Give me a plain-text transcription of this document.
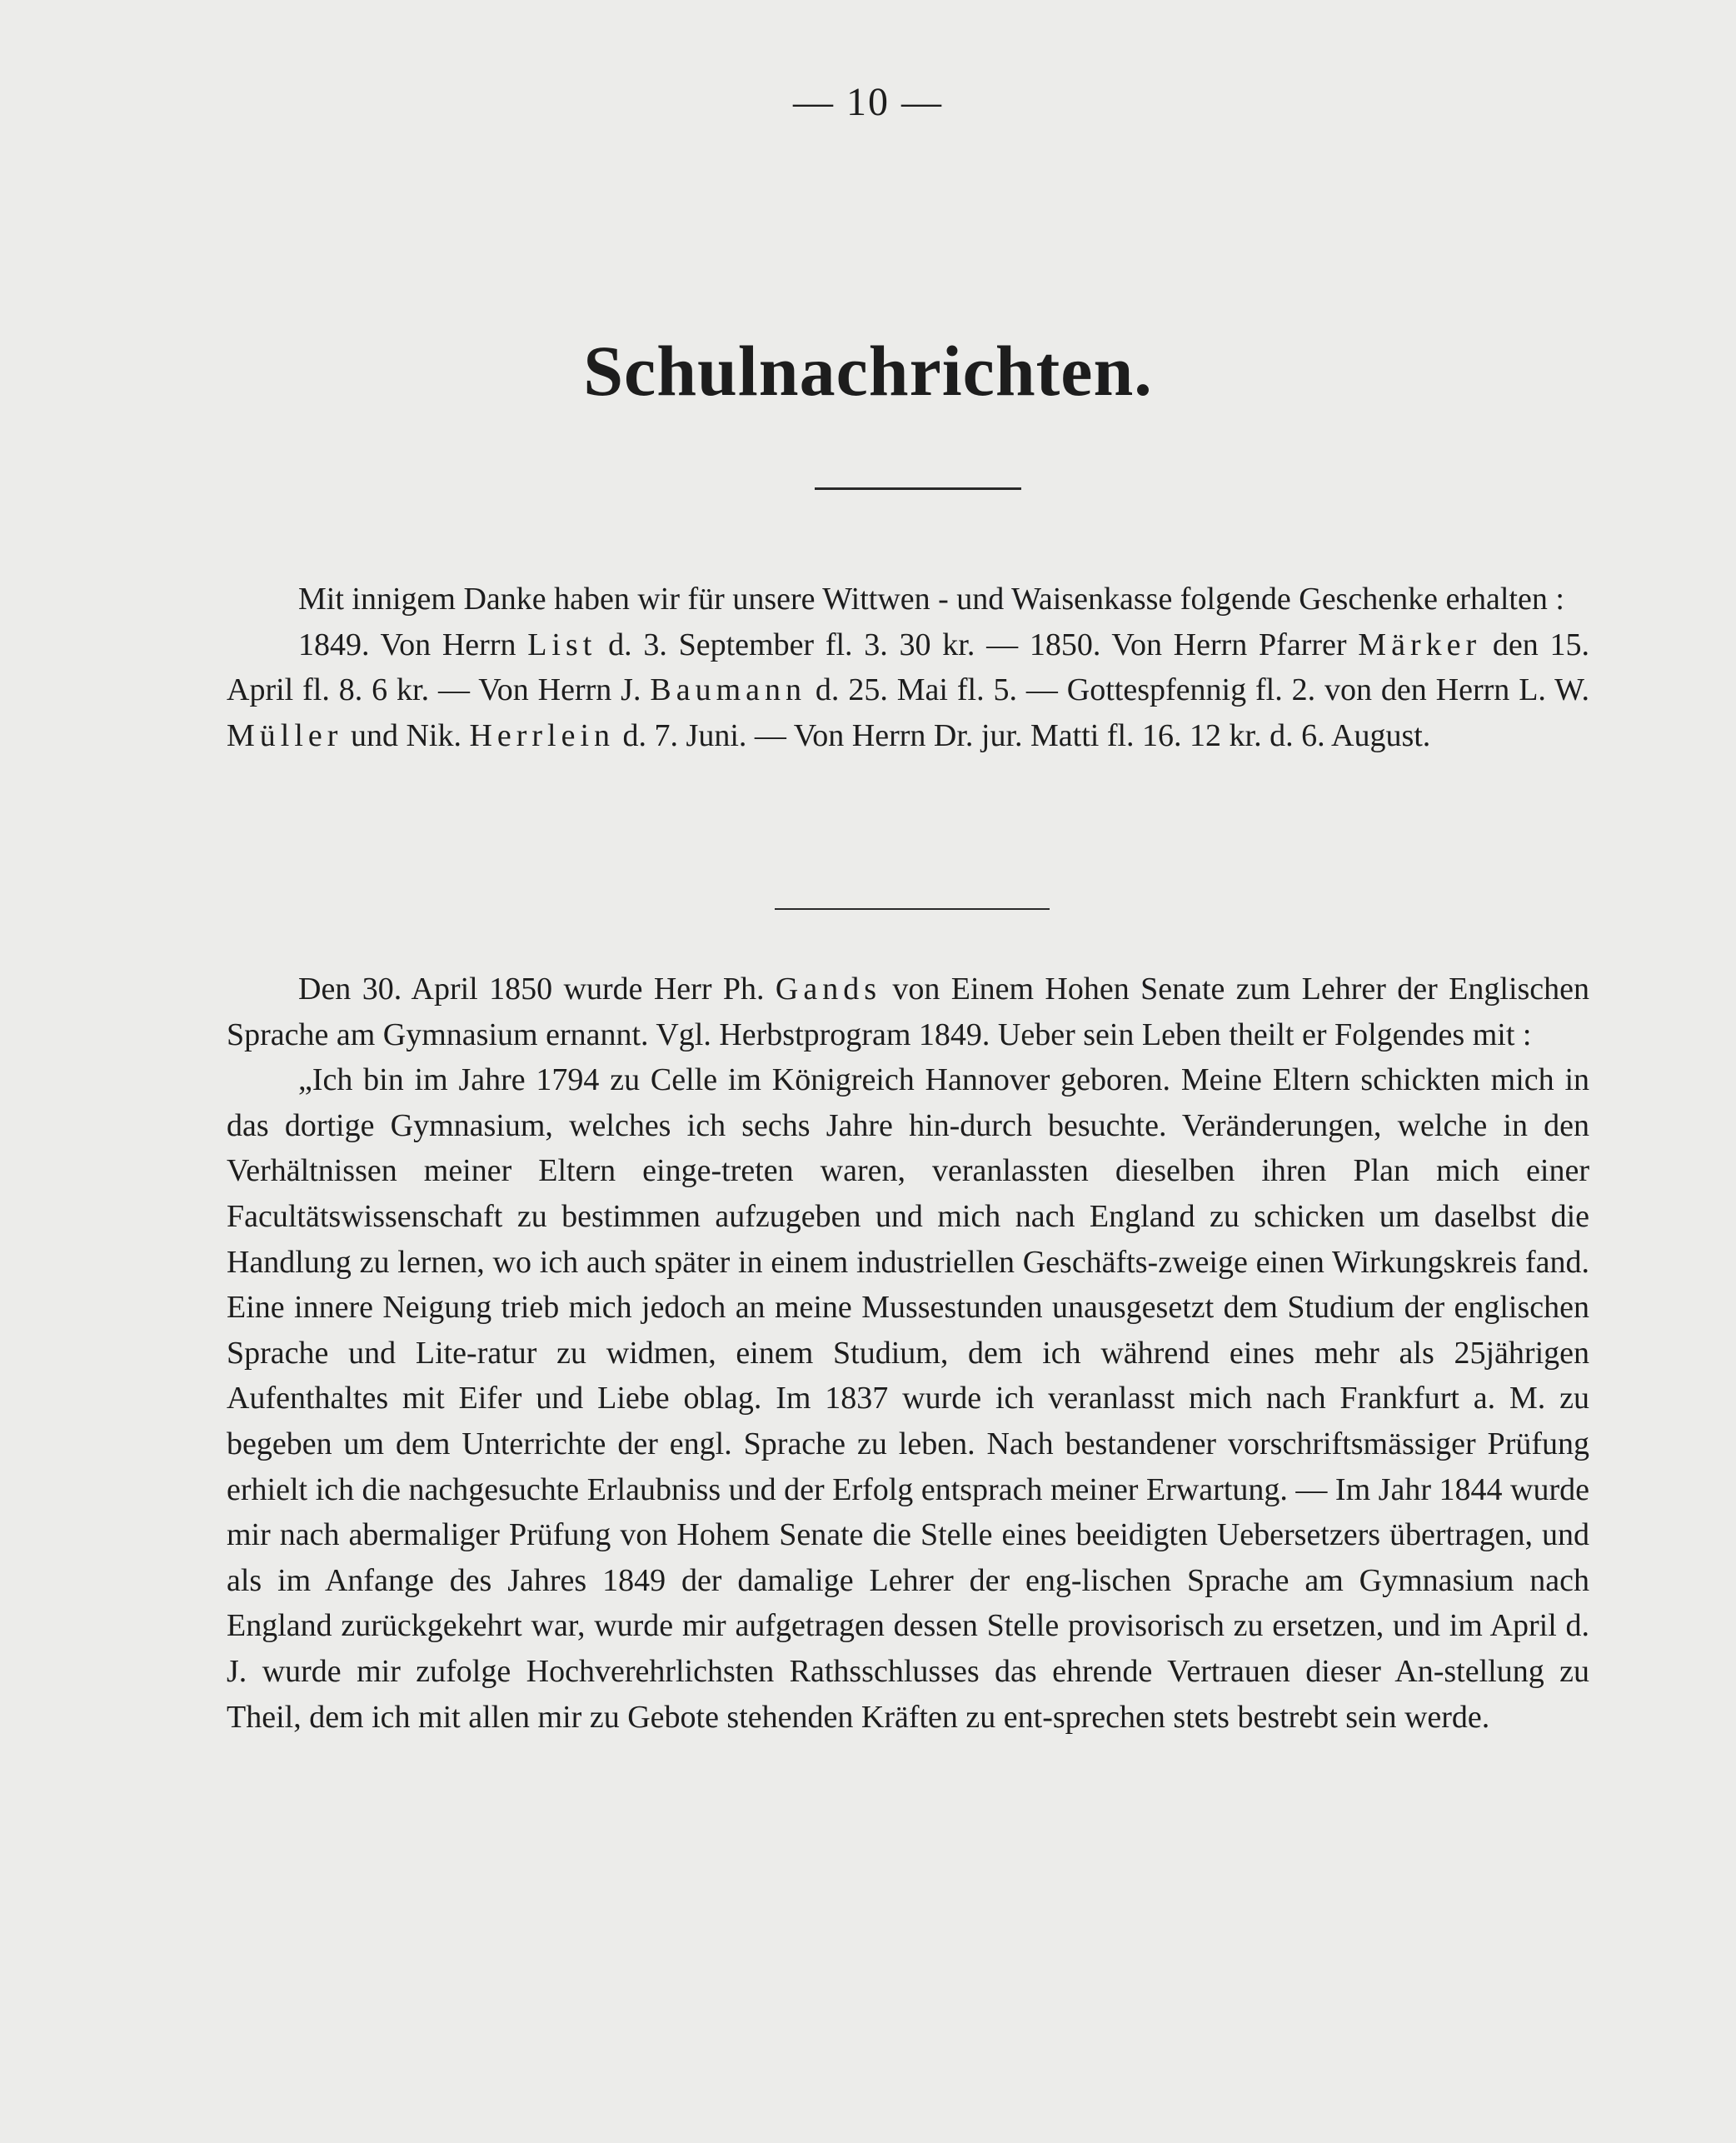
— 10 —
Schulnachrichten.

Mit innigem Danke haben wir für unsere Wittwen - und Waisenkasse folgende Geschenke erhalten :

1849. Von Herrn List d. 3. September fl. 3. 30 kr. — 1850. Von Herrn Pfarrer Märker den 15. April fl. 8. 6 kr. — Von Herrn J. Baumann d. 25. Mai fl. 5. — Gottespfennig fl. 2. von den Herrn L. W. Müller und Nik. Herrlein d. 7. Juni. — Von Herrn Dr. jur. Matti fl. 16. 12 kr. d. 6. August.

Den 30. April 1850 wurde Herr Ph. Gands von Einem Hohen Senate zum Lehrer der Englischen Sprache am Gymnasium ernannt. Vgl. Herbstprogram 1849. Ueber sein Leben theilt er Folgendes mit :

„Ich bin im Jahre 1794 zu Celle im Königreich Hannover geboren. Meine Eltern schickten mich in das dortige Gymnasium, welches ich sechs Jahre hin-durch besuchte. Veränderungen, welche in den Verhältnissen meiner Eltern einge-treten waren, veranlassten dieselben ihren Plan mich einer Facultätswissenschaft zu bestimmen aufzugeben und mich nach England zu schicken um daselbst die Handlung zu lernen, wo ich auch später in einem industriellen Geschäfts-zweige einen Wirkungskreis fand. Eine innere Neigung trieb mich jedoch an meine Mussestunden unausgesetzt dem Studium der englischen Sprache und Lite-ratur zu widmen, einem Studium, dem ich während eines mehr als 25jährigen Aufenthaltes mit Eifer und Liebe oblag. Im 1837 wurde ich veranlasst mich nach Frankfurt a. M. zu begeben um dem Unterrichte der engl. Sprache zu leben. Nach bestandener vorschriftsmässiger Prüfung erhielt ich die nachgesuchte Erlaubniss und der Erfolg entsprach meiner Erwartung. — Im Jahr 1844 wurde mir nach abermaliger Prüfung von Hohem Senate die Stelle eines beeidigten Uebersetzers übertragen, und als im Anfange des Jahres 1849 der damalige Lehrer der eng-lischen Sprache am Gymnasium nach England zurückgekehrt war, wurde mir aufgetragen dessen Stelle provisorisch zu ersetzen, und im April d. J. wurde mir zufolge Hochverehrlichsten Rathsschlusses das ehrende Vertrauen dieser An-stellung zu Theil, dem ich mit allen mir zu Gebote stehenden Kräften zu ent-sprechen stets bestrebt sein werde.
